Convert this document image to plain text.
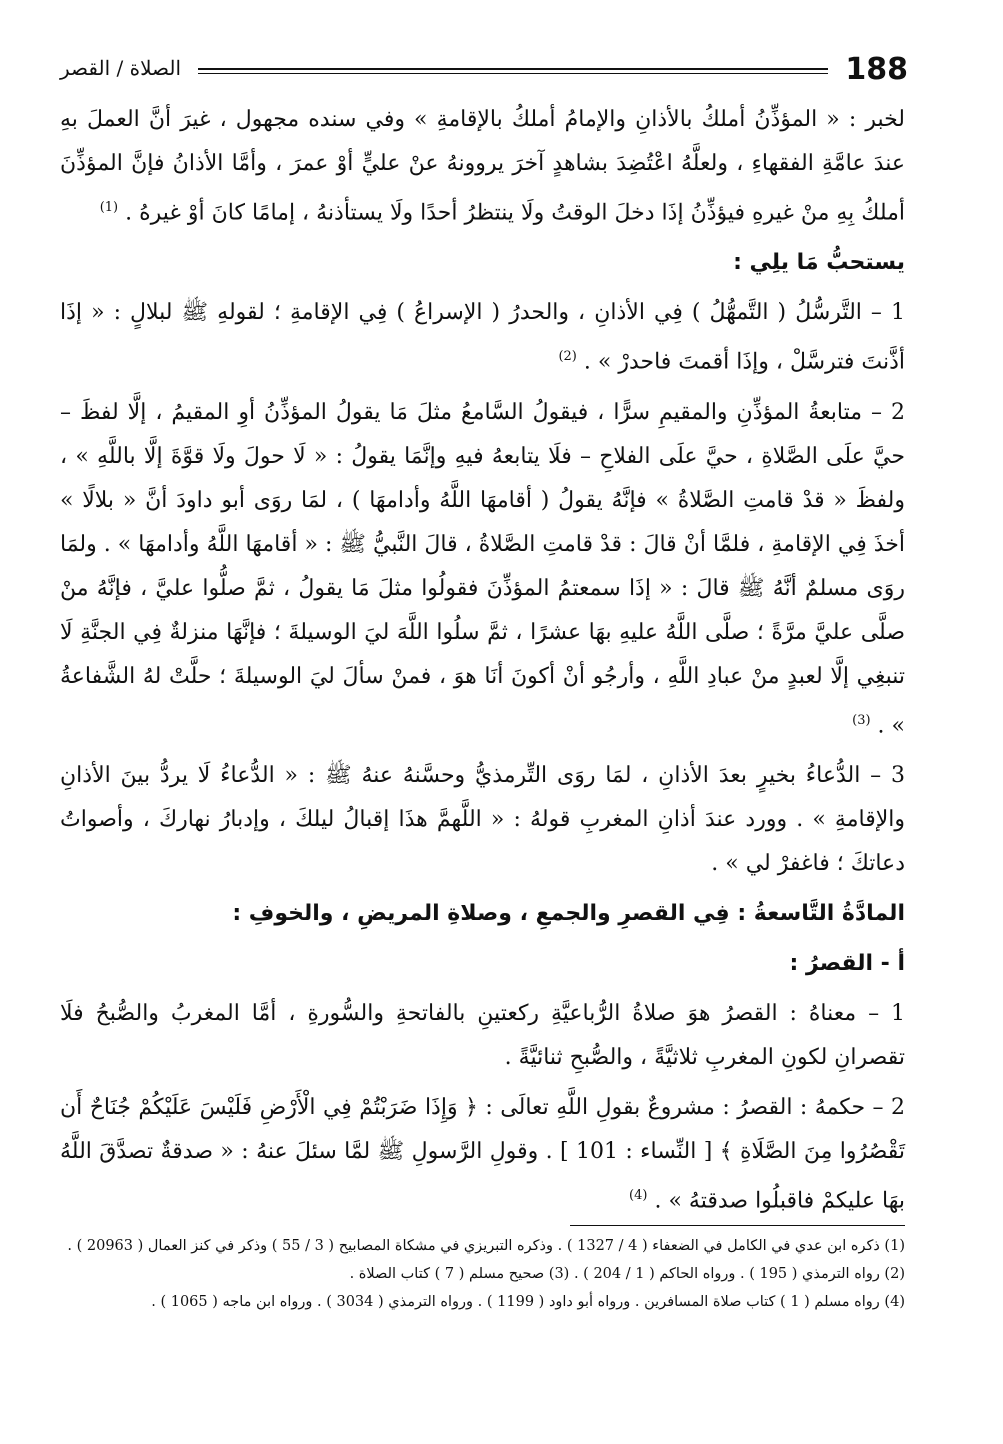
188
الصلاة / القصر

لخبر : « المؤذِّنُ أملكُ بالأذانِ والإمامُ أملكُ بالإقامةِ » وفي سنده مجهول ، غيرَ أنَّ العملَ بهِ عندَ عامَّةِ الفقهاءِ ، ولعلَّهُ اعْتُضِدَ بشاهدٍ آخرَ يروونهُ عنْ عليٍّ أوْ عمرَ ، وأمَّا الأذانُ فإنَّ المؤذِّنَ أملكُ بِهِ منْ غيرهِ فيؤذِّنُ إذَا دخلَ الوقتُ ولَا ينتظرُ أحدًا ولَا يستأذنهُ ، إمامًا كانَ أوْ غيرهُ . $^{(1)}$

يستحبُّ مَا يلِي :

1 – التَّرسُّلُ ( التَّمهُّلُ ) فِي الأذانِ ، والحدرُ ( الإسراعُ ) فِي الإقامةِ ؛ لقولهِ ﷺ لبلالٍ : « إذَا أذَّنتَ فترسَّلْ ، وإذَا أقمتَ فاحدرْ » . $^{(2)}$

2 – متابعةُ المؤذِّنِ والمقيمِ سرًّا ، فيقولُ السَّامعُ مثلَ مَا يقولُ المؤذِّنُ أوِ المقيمُ ، إلَّا لفظَ – حيَّ علَى الصَّلاةِ ، حيَّ علَى الفلاحِ – فلَا يتابعهُ فيهِ وإنَّمَا يقولُ : « لَا حولَ ولَا قوَّةَ إلَّا باللَّهِ » ، ولفظَ « قدْ قامتِ الصَّلاةُ » فإنَّهُ يقولُ ( أقامهَا اللَّهُ وأدامهَا ) ، لمَا روَى أبو داودَ أنَّ « بلالًا » أخذَ فِي الإقامةِ ، فلمَّا أنْ قالَ : قدْ قامتِ الصَّلاةُ ، قالَ النَّبيُّ ﷺ : « أقامهَا اللَّهُ وأدامهَا » . ولمَا روَى مسلمٌ أنَّهُ ﷺ قالَ : « إذَا سمعتمُ المؤذِّنَ فقولُوا مثلَ مَا يقولُ ، ثمَّ صلُّوا عليَّ ، فإنَّهُ منْ صلَّى عليَّ مرَّةً ؛ صلَّى اللَّهُ عليهِ بهَا عشرًا ، ثمَّ سلُوا اللَّهَ ليَ الوسيلةَ ؛ فإنَّهَا منزلةٌ فِي الجنَّةِ لَا تنبغِي إلَّا لعبدٍ منْ عبادِ اللَّهِ ، وأرجُو أنْ أكونَ أنَا هوَ ، فمنْ سألَ ليَ الوسيلةَ ؛ حلَّتْ لهُ الشَّفاعةُ » . $^{(3)}$

3 – الدُّعاءُ بخيرٍ بعدَ الأذانِ ، لمَا روَى التِّرمذيُّ وحسَّنهُ عنهُ ﷺ : « الدُّعاءُ لَا يردُّ بينَ الأذانِ والإقامةِ » . وورد عندَ أذانِ المغربِ قولهُ : « اللَّهمَّ هذَا إقبالُ ليلكَ ، وإدبارُ نهاركَ ، وأصواتُ دعاتكَ ؛ فاغفرْ لي » .

المادَّةُ التَّاسعةُ : فِي القصرِ والجمعِ ، وصلاةِ المريضِ ، والخوفِ :
أ - القصرُ :

1 – معناهُ : القصرُ هوَ صلاةُ الرُّباعيَّةِ ركعتينِ بالفاتحةِ والسُّورةِ ، أمَّا المغربُ والصُّبحُ فلَا تقصرانِ لكونِ المغربِ ثلاثيَّةً ، والصُّبحِ ثنائيَّةً .

2 – حكمهُ : القصرُ : مشروعٌ بقولِ اللَّهِ تعالَى : ﴿ وَإِذَا ضَرَبْتُمْ فِي الْأَرْضِ فَلَيْسَ عَلَيْكُمْ جُنَاحٌ أَن تَقْصُرُوا مِنَ الصَّلَاةِ ﴾ [ النِّساء : 101 ] . وقولِ الرَّسولِ ﷺ لمَّا سئلَ عنهُ : « صدقةٌ تصدَّقَ اللَّهُ بهَا عليكمْ فاقبلُوا صدقتهُ » . $^{(4)}$

(1) ذكره ابن عدي في الكامل في الضعفاء ( 4 / 1327 ) . وذكره التبريزي في مشكاة المصابيح ( 3 / 55 ) وذكر في كنز العمال ( 20963 ) .
(2) رواه الترمذي ( 195 ) . ورواه الحاكم ( 1 / 204 ) . (3) صحيح مسلم ( 7 ) كتاب الصلاة .
(4) رواه مسلم ( 1 ) كتاب صلاة المسافرين . ورواه أبو داود ( 1199 ) . ورواه الترمذي ( 3034 ) . ورواه ابن ماجه ( 1065 ) .
